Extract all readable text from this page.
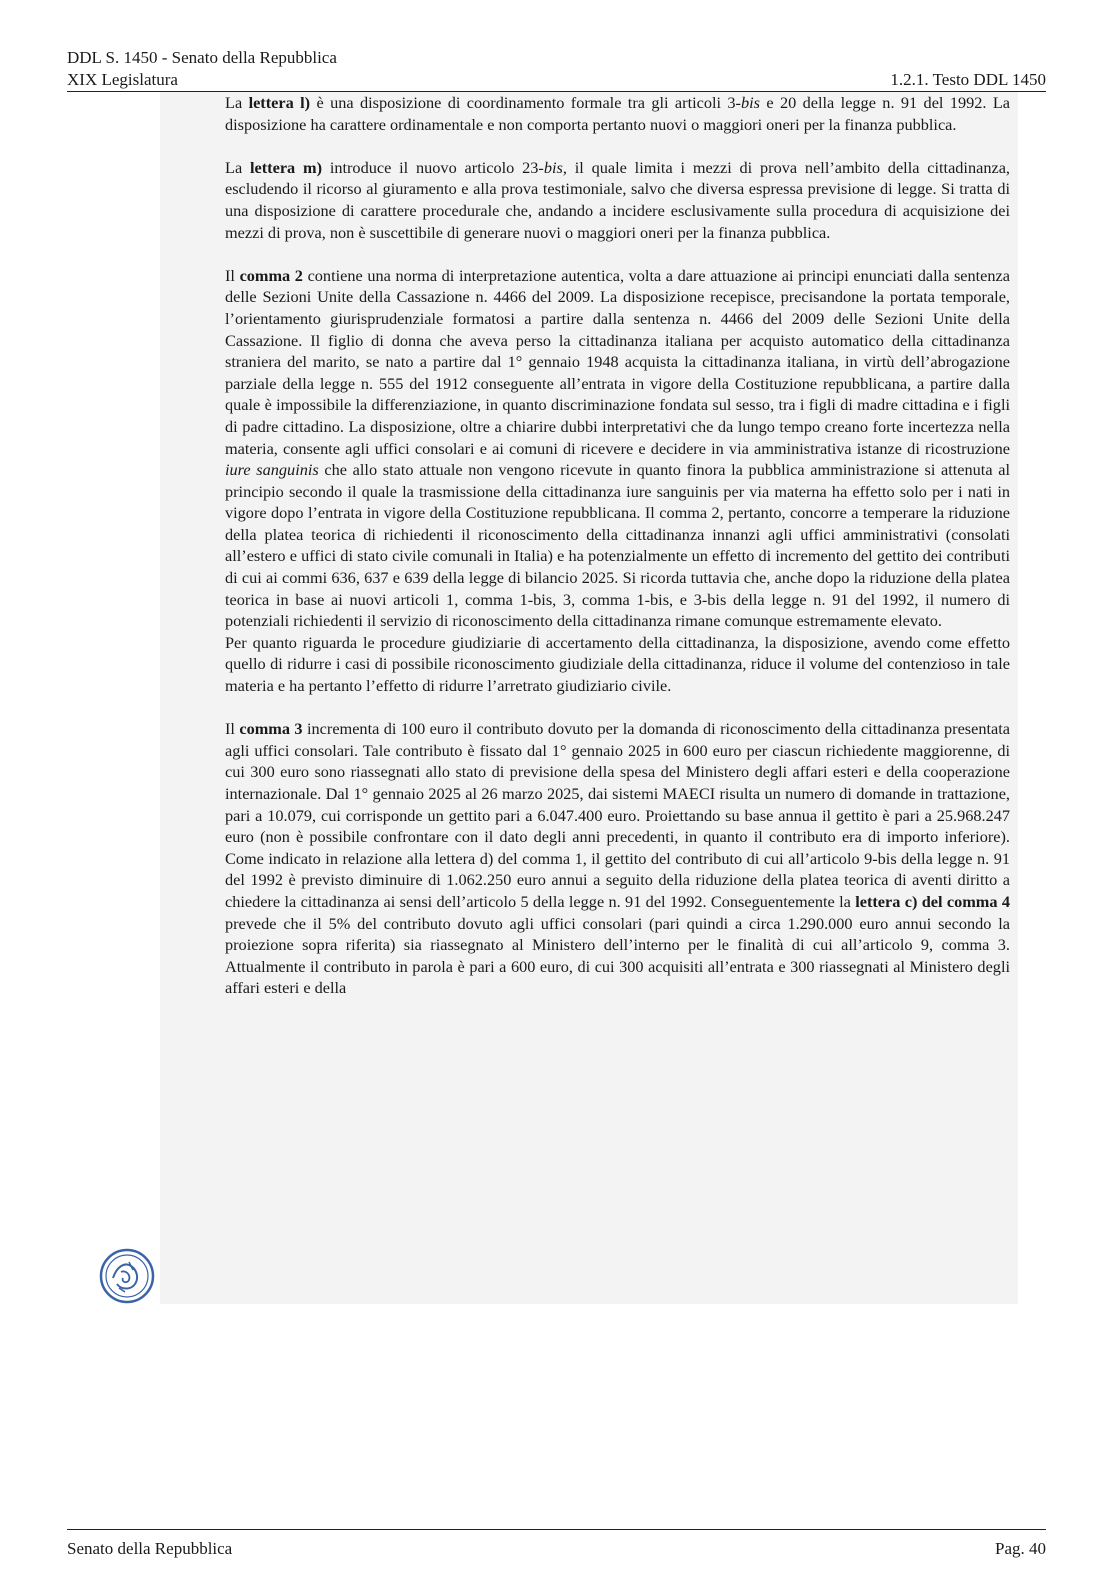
DDL S. 1450 - Senato della Repubblica
XIX Legislatura	1.2.1. Testo DDL 1450

La lettera l) è una disposizione di coordinamento formale tra gli articoli 3-bis e 20 della legge n. 91 del 1992. La disposizione ha carattere ordinamentale e non comporta pertanto nuovi o maggiori oneri per la finanza pubblica.

La lettera m) introduce il nuovo articolo 23-bis, il quale limita i mezzi di prova nell’ambito della cittadinanza, escludendo il ricorso al giuramento e alla prova testimoniale, salvo che diversa espressa previsione di legge. Si tratta di una disposizione di carattere procedurale che, andando a incidere esclusivamente sulla procedura di acquisizione dei mezzi di prova, non è suscettibile di generare nuovi o maggiori oneri per la finanza pubblica.

Il comma 2 contiene una norma di interpretazione autentica, volta a dare attuazione ai principi enunciati dalla sentenza delle Sezioni Unite della Cassazione n. 4466 del 2009. La disposizione recepisce, precisandone la portata temporale, l’orientamento giurisprudenziale formatosi a partire dalla sentenza n. 4466 del 2009 delle Sezioni Unite della Cassazione. Il figlio di donna che aveva perso la cittadinanza italiana per acquisto automatico della cittadinanza straniera del marito, se nato a partire dal 1° gennaio 1948 acquista la cittadinanza italiana, in virtù dell’abrogazione parziale della legge n. 555 del 1912 conseguente all’entrata in vigore della Costituzione repubblicana, a partire dalla quale è impossibile la differenziazione, in quanto discriminazione fondata sul sesso, tra i figli di madre cittadina e i figli di padre cittadino. La disposizione, oltre a chiarire dubbi interpretativi che da lungo tempo creano forte incertezza nella materia, consente agli uffici consolari e ai comuni di ricevere e decidere in via amministrativa istanze di ricostruzione iure sanguinis che allo stato attuale non vengono ricevute in quanto finora la pubblica amministrazione si attenuta al principio secondo il quale la trasmissione della cittadinanza iure sanguinis per via materna ha effetto solo per i nati in vigore dopo l’entrata in vigore della Costituzione repubblicana. Il comma 2, pertanto, concorre a temperare la riduzione della platea teorica di richiedenti il riconoscimento della cittadinanza innanzi agli uffici amministrativi (consolati all’estero e uffici di stato civile comunali in Italia) e ha potenzialmente un effetto di incremento del gettito dei contributi di cui ai commi 636, 637 e 639 della legge di bilancio 2025. Si ricorda tuttavia che, anche dopo la riduzione della platea teorica in base ai nuovi articoli 1, comma 1-bis, 3, comma 1-bis, e 3-bis della legge n. 91 del 1992, il numero di potenziali richiedenti il servizio di riconoscimento della cittadinanza rimane comunque estremamente elevato.

Per quanto riguarda le procedure giudiziarie di accertamento della cittadinanza, la disposizione, avendo come effetto quello di ridurre i casi di possibile riconoscimento giudiziale della cittadinanza, riduce il volume del contenzioso in tale materia e ha pertanto l’effetto di ridurre l’arretrato giudiziario civile.

Il comma 3 incrementa di 100 euro il contributo dovuto per la domanda di riconoscimento della cittadinanza presentata agli uffici consolari. Tale contributo è fissato dal 1° gennaio 2025 in 600 euro per ciascun richiedente maggiorenne, di cui 300 euro sono riassegnati allo stato di previsione della spesa del Ministero degli affari esteri e della cooperazione internazionale. Dal 1° gennaio 2025 al 26 marzo 2025, dai sistemi MAECI risulta un numero di domande in trattazione, pari a 10.079, cui corrisponde un gettito pari a 6.047.400 euro. Proiettando su base annua il gettito è pari a 25.968.247 euro (non è possibile confrontare con il dato degli anni precedenti, in quanto il contributo era di importo inferiore). Come indicato in relazione alla lettera d) del comma 1, il gettito del contributo di cui all’articolo 9-bis della legge n. 91 del 1992 è previsto diminuire di 1.062.250 euro annui a seguito della riduzione della platea teorica di aventi diritto a chiedere la cittadinanza ai sensi dell’articolo 5 della legge n. 91 del 1992. Conseguentemente la lettera c) del comma 4 prevede che il 5% del contributo dovuto agli uffici consolari (pari quindi a circa 1.290.000 euro annui secondo la proiezione sopra riferita) sia riassegnato al Ministero dell’interno per le finalità di cui all’articolo 9, comma 3. Attualmente il contributo in parola è pari a 600 euro, di cui 300 acquisiti all’entrata e 300 riassegnati al Ministero degli affari esteri e della

Senato della Repubblica	Pag. 40
